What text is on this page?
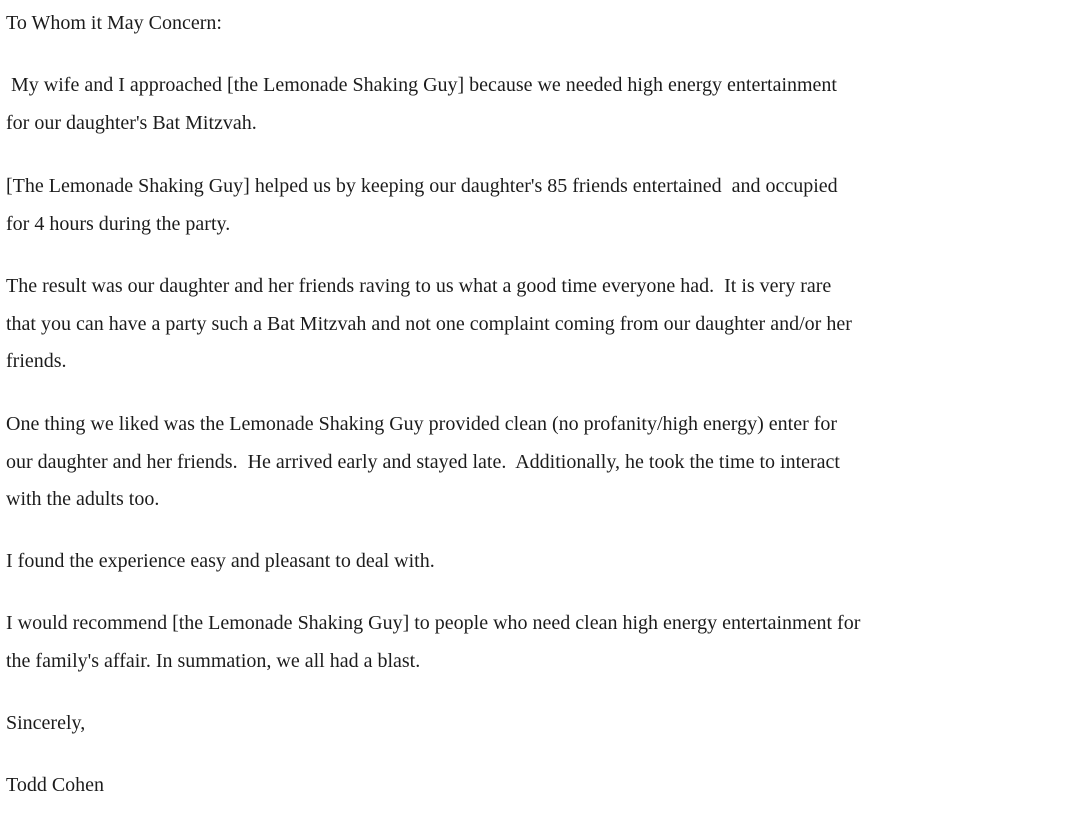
To Whom it May Concern:

My wife and I approached [the Lemonade Shaking Guy] because we needed high energy entertainment
for our daughter's Bat Mitzvah.

[The Lemonade Shaking Guy] helped us by keeping our daughter's 85 friends entertained  and occupied
for 4 hours during the party.

The result was our daughter and her friends raving to us what a good time everyone had.  It is very rare
that you can have a party such a Bat Mitzvah and not one complaint coming from our daughter and/or her
friends.

One thing we liked was the Lemonade Shaking Guy provided clean (no profanity/high energy) enter for
our daughter and her friends.  He arrived early and stayed late.  Additionally, he took the time to interact
with the adults too.

I found the experience easy and pleasant to deal with.

I would recommend [the Lemonade Shaking Guy] to people who need clean high energy entertainment for
the family's affair. In summation, we all had a blast.

Sincerely,

Todd Cohen
